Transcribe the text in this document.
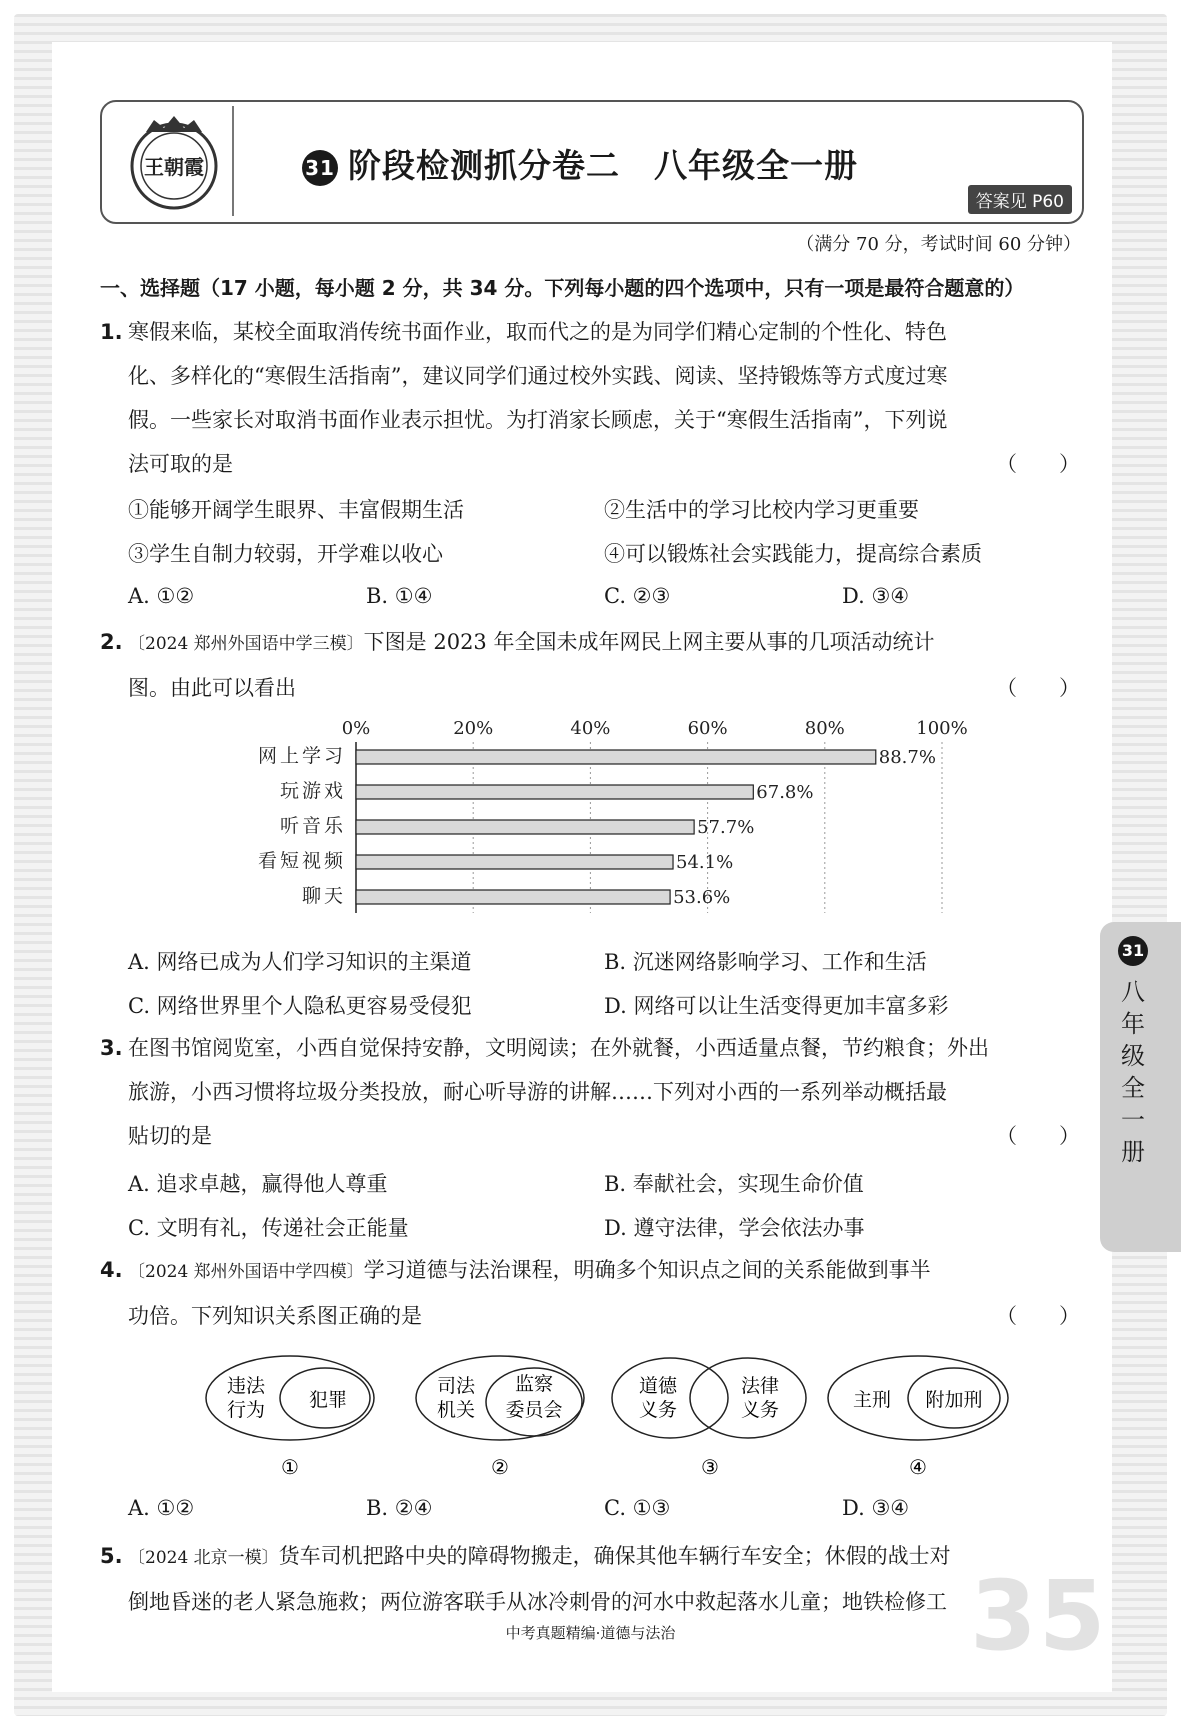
王朝霞	31 阶段检测抓分卷二　八年级全一册
答案见 P60
（满分 70 分，考试时间 60 分钟）
一、选择题（17 小题，每小题 2 分，共 34 分。下列每小题的四个选项中，只有一项是最符合题意的）
1. 寒假来临，某校全面取消传统书面作业，取而代之的是为同学们精心定制的个性化、特色
化、多样化的“寒假生活指南”，建议同学们通过校外实践、阅读、坚持锻炼等方式度过寒
假。一些家长对取消书面作业表示担忧。为打消家长顾虑，关于“寒假生活指南”，下列说
法可取的是	（　　）
①能够开阔学生眼界、丰富假期生活	②生活中的学习比校内学习更重要
③学生自制力较弱，开学难以收心	④可以锻炼社会实践能力，提高综合素质
A. ①②	B. ①④	C. ②③	D. ③④
2. 〔2024 郑州外国语中学三模〕下图是 2023 年全国未成年网民上网主要从事的几项活动统计
图。由此可以看出	（　　）
0%	20%	40%	60%	80%	100%
网上学习	88.7%
玩游戏	67.8%
听音乐	57.7%
看短视频	54.1%
聊天	53.6%
A. 网络已成为人们学习知识的主渠道	B. 沉迷网络影响学习、工作和生活
C. 网络世界里个人隐私更容易受侵犯	D. 网络可以让生活变得更加丰富多彩
3. 在图书馆阅览室，小西自觉保持安静，文明阅读；在外就餐，小西适量点餐，节约粮食；外出
旅游，小西习惯将垃圾分类投放，耐心听导游的讲解……下列对小西的一系列举动概括最
贴切的是	（　　）
A. 追求卓越，赢得他人尊重	B. 奉献社会，实现生命价值
C. 文明有礼，传递社会正能量	D. 遵守法律，学会依法办事
4. 〔2024 郑州外国语中学四模〕学习道德与法治课程，明确多个知识点之间的关系能做到事半
功倍。下列知识关系图正确的是	（　　）
违法
行为 犯罪
①
司法
机关
监察
委员会
②
道德
义务
法律
义务
③
主刑 附加刑
④
A. ①②	B. ②④	C. ①③	D. ③④
5. 〔2024 北京一模〕货车司机把路中央的障碍物搬走，确保其他车辆行车安全；休假的战士对
倒地昏迷的老人紧急施救；两位游客联手从冰冷刺骨的河水中救起落水儿童；地铁检修工
31
八
年
级
全
一
册
35
中考真题精编·道德与法治
